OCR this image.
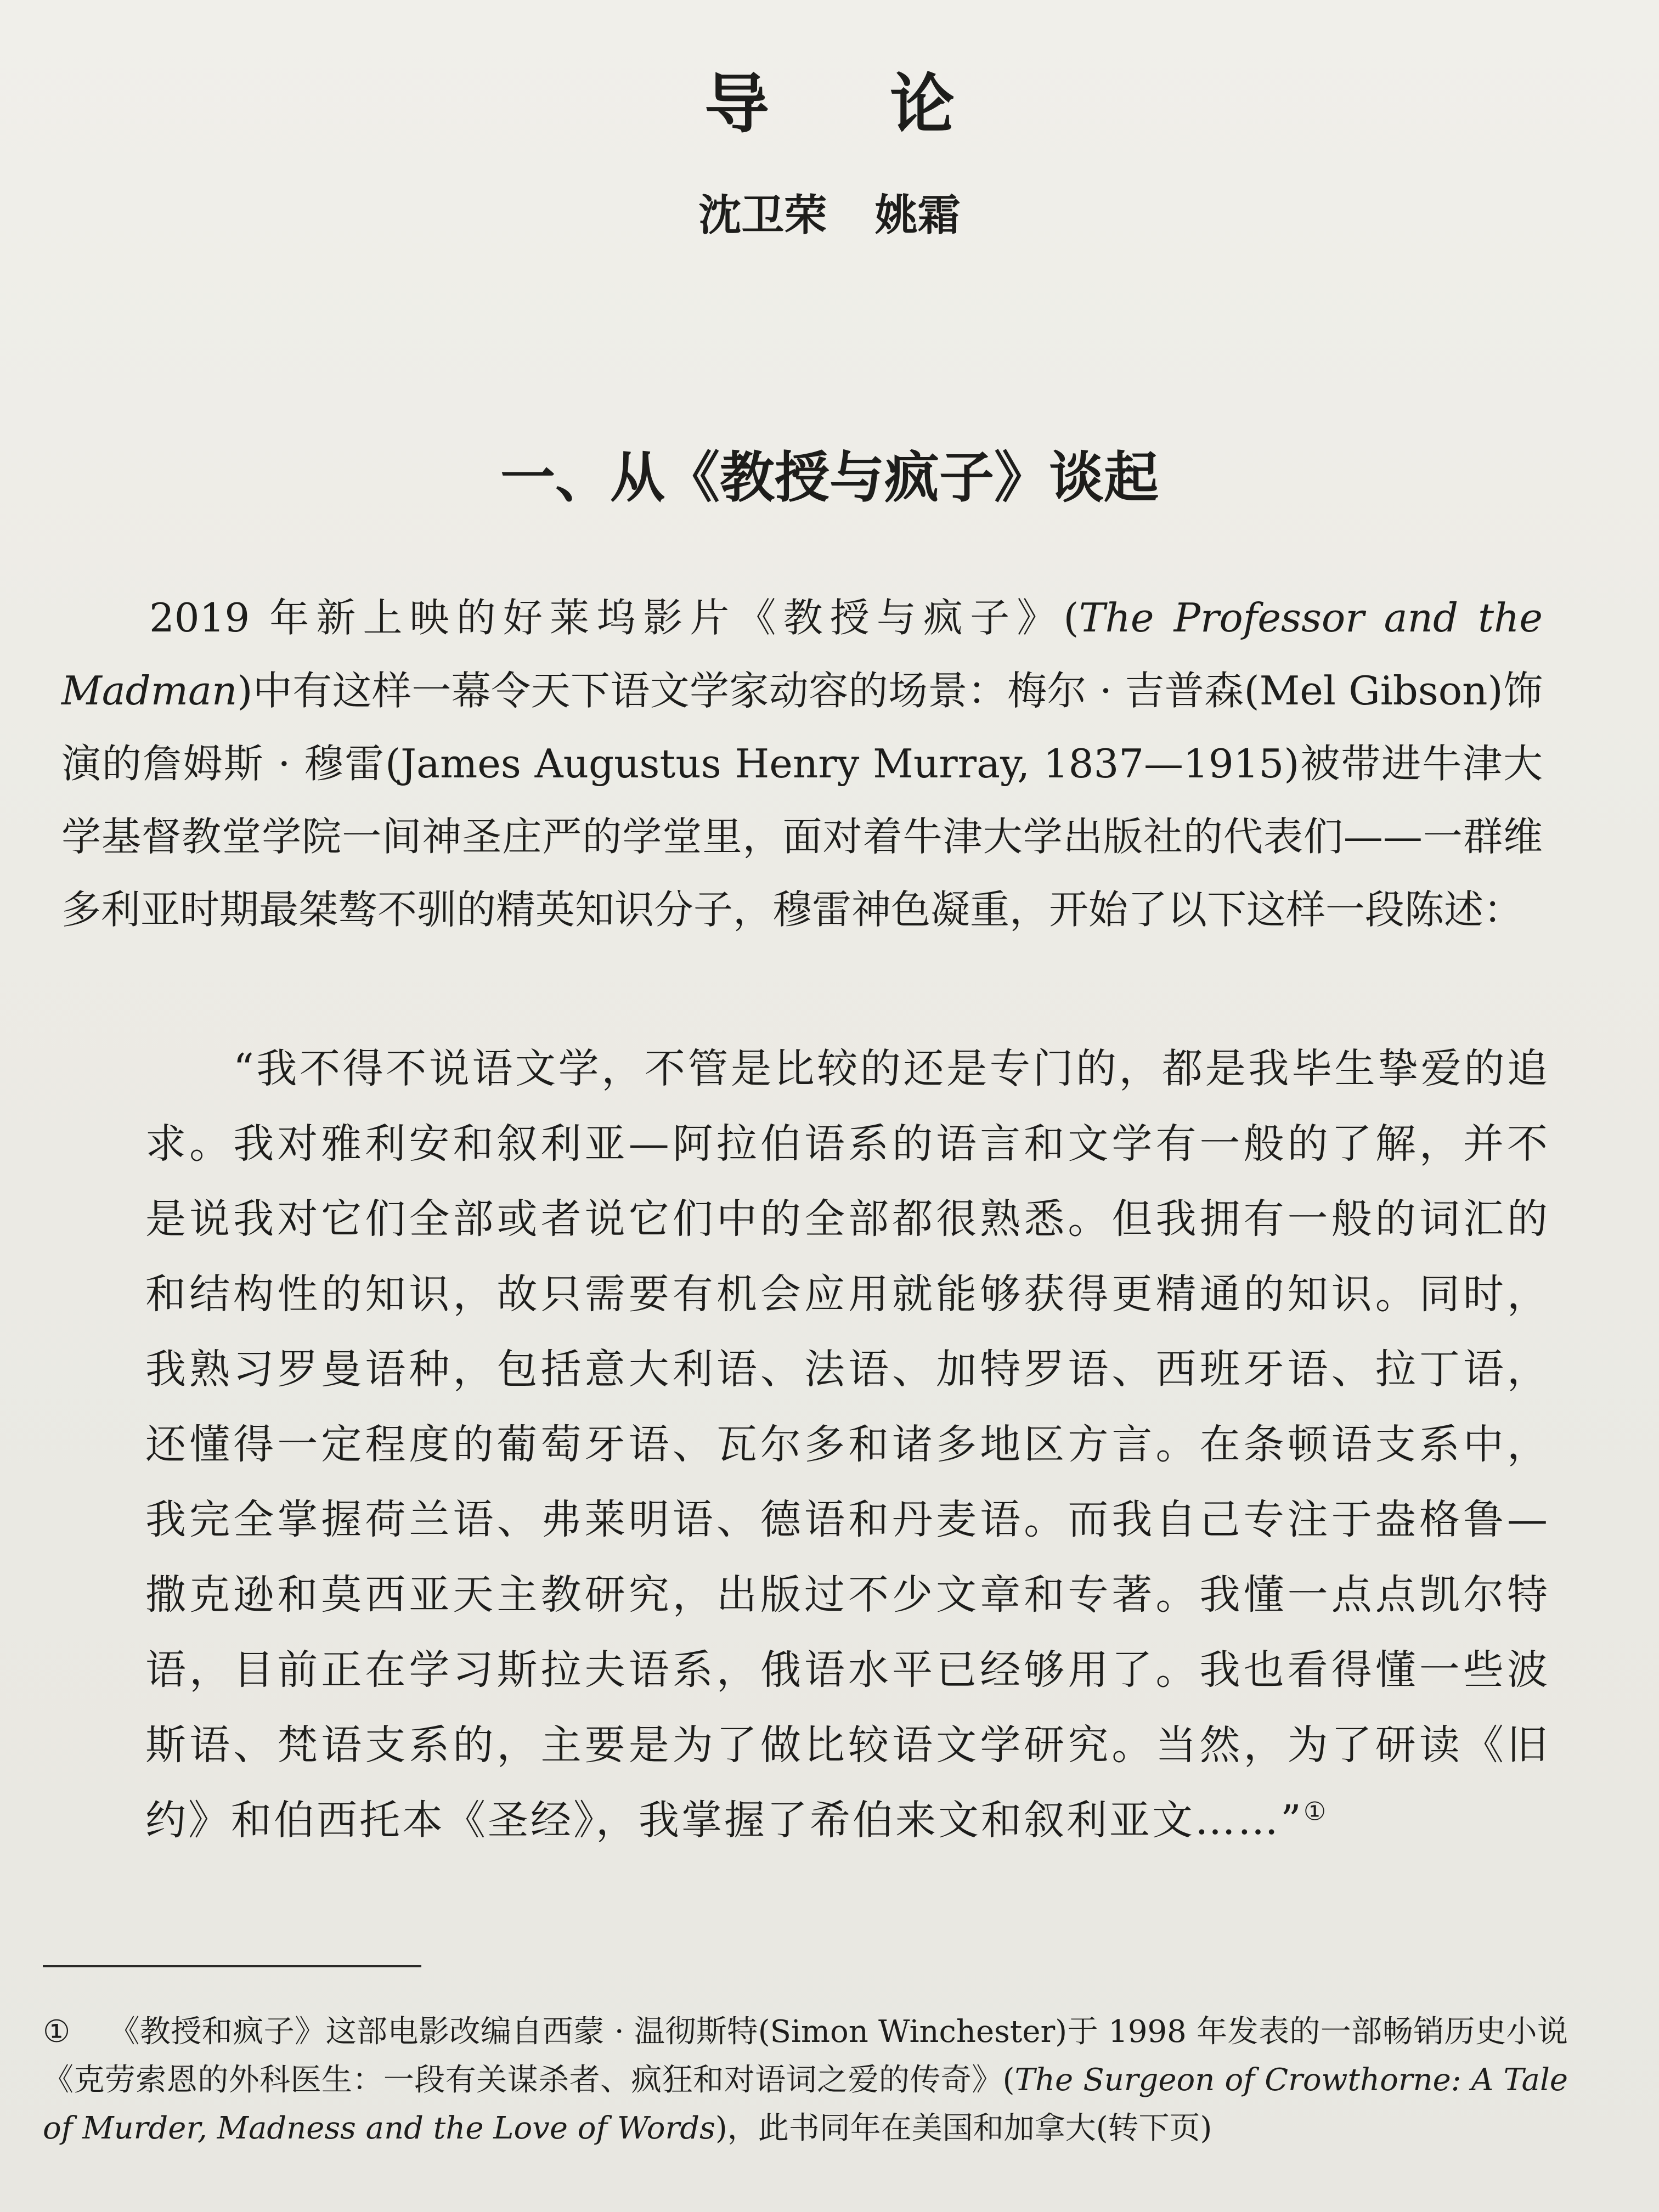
导论
沈卫荣 姚霜
一、从《教授与疯子》谈起

2019 年新上映的好莱坞影片《教授与疯子》(The Professor and the Madman)中有这样一幕令天下语文学家动容的场景：梅尔 · 吉普森(Mel Gibson)饰演的詹姆斯 · 穆雷(James Augustus Henry Murray, 1837—1915)被带进牛津大学基督教堂学院一间神圣庄严的学堂里，面对着牛津大学出版社的代表们——一群维多利亚时期最桀骜不驯的精英知识分子，穆雷神色凝重，开始了以下这样一段陈述：

“我不得不说语文学，不管是比较的还是专门的，都是我毕生挚爱的追求。我对雅利安和叙利亚—阿拉伯语系的语言和文学有一般的了解，并不是说我对它们全部或者说它们中的全部都很熟悉。但我拥有一般的词汇的和结构性的知识，故只需要有机会应用就能够获得更精通的知识。同时，我熟习罗曼语种，包括意大利语、法语、加特罗语、西班牙语、拉丁语，还懂得一定程度的葡萄牙语、瓦尔多和诸多地区方言。在条顿语支系中，我完全掌握荷兰语、弗莱明语、德语和丹麦语。而我自己专注于盎格鲁—撒克逊和莫西亚天主教研究，出版过不少文章和专著。我懂一点点凯尔特语，目前正在学习斯拉夫语系，俄语水平已经够用了。我也看得懂一些波斯语、梵语支系的，主要是为了做比较语文学研究。当然，为了研读《旧约》和伯西托本《圣经》，我掌握了希伯来文和叙利亚文……”①

① 《教授和疯子》这部电影改编自西蒙 · 温彻斯特(Simon Winchester)于 1998 年发表的一部畅销历史小说《克劳索恩的外科医生：一段有关谋杀者、疯狂和对语词之爱的传奇》(The Surgeon of Crowthorne: A Tale of Murder, Madness and the Love of Words)，此书同年在美国和加拿大(转下页)
